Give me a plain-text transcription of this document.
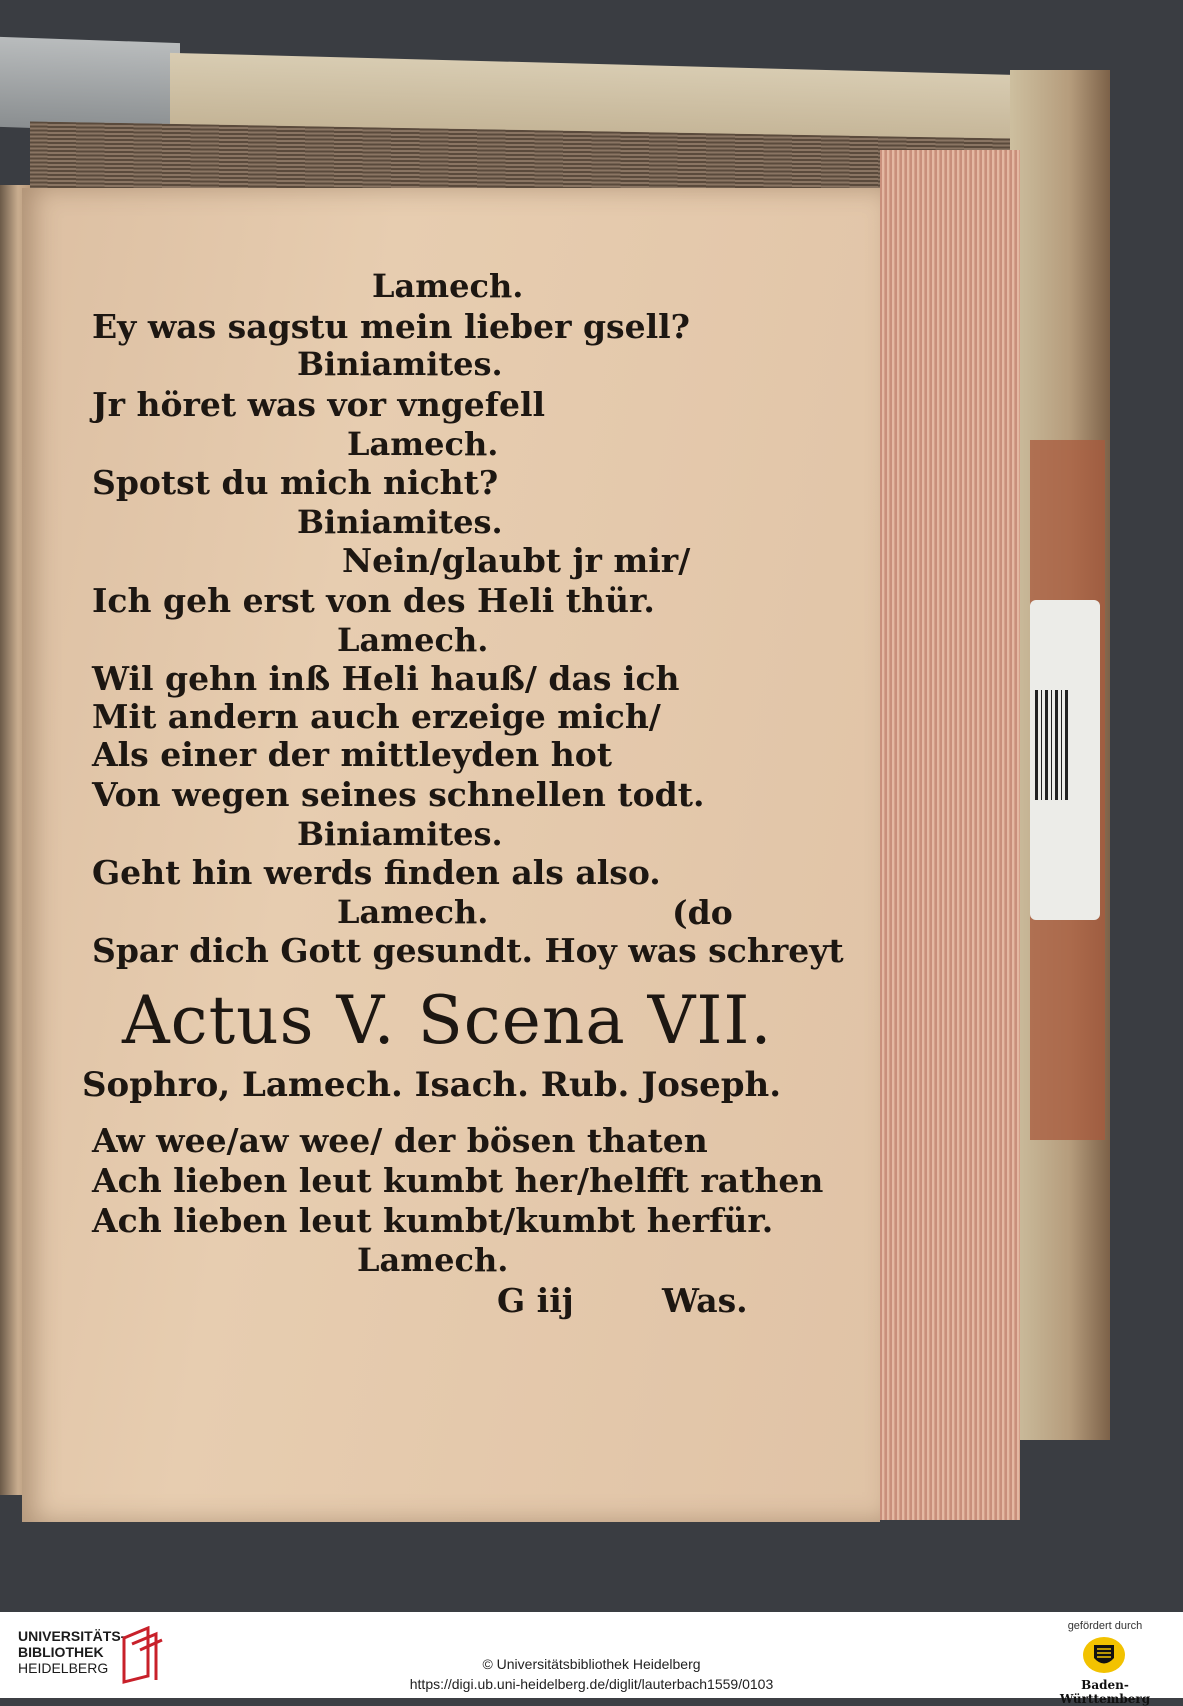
Lamech.
Ey was sagstu mein lieber gsell?
Biniamites.
Jr höret was vor vngefell
Lamech.
Spotst du mich nicht?
Biniamites.
Nein/glaubt jr mir/
Ich geh erst von des Heli thür.
Lamech.
Wil gehn inß Heli hauß/ das ich
Mit andern auch erzeige mich/
Als einer der mittleyden hot
Von wegen seines schnellen todt.
Biniamites.
Geht hin werds finden als also.
Lamech.	(do
Spar dich Gott gesundt. Hoy was schreyt
Actus V. Scena VII.
Sophro, Lamech. Isach. Rub. Joseph.
Aw wee/aw wee/ der bösen thaten
Ach lieben leut kumbt her/helfft rathen
Ach lieben leut kumbt/kumbt herfür.
Lamech.
G iij	Was.
UNIVERSITÄTS-
BIBLIOTHEK
HEIDELBERG	© Universitätsbibliothek Heidelberg
https://digi.ub.uni-heidelberg.de/diglit/lauterbach1559/0103
gefördert durch
Baden-Württemberg
